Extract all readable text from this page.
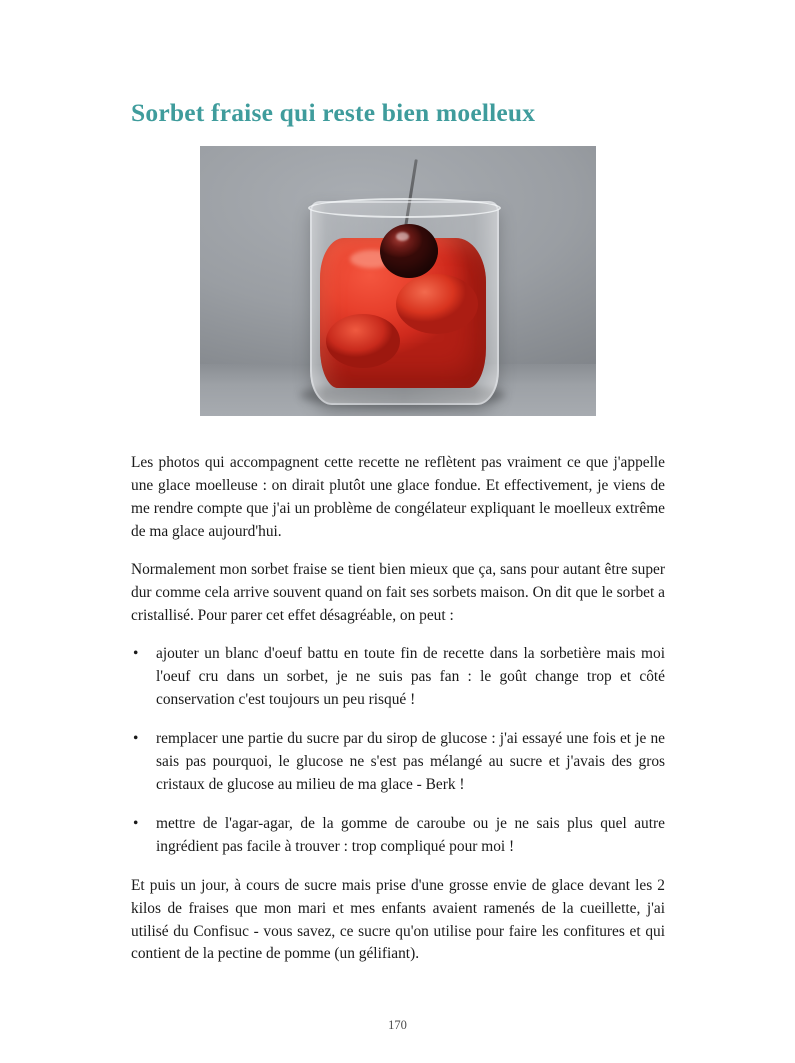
Sorbet fraise qui reste bien moelleux

Les photos qui accompagnent cette recette ne reflètent pas vraiment ce que j'appelle une glace moelleuse : on dirait plutôt une glace fondue. Et effectivement, je viens de me rendre compte que j'ai un problème de congélateur expliquant le moelleux extrême de ma glace aujourd'hui.

Normalement mon sorbet fraise se tient bien mieux que ça, sans pour autant être super dur comme cela arrive souvent quand on fait ses sorbets maison. On dit que le sorbet a cristallisé. Pour parer cet effet désagréable, on peut :

• ajouter un blanc d'oeuf battu en toute fin de recette dans la sorbetière mais moi l'oeuf cru dans un sorbet, je ne suis pas fan : le goût change trop et côté conservation c'est toujours un peu risqué !
• remplacer une partie du sucre par du sirop de glucose : j'ai essayé une fois et je ne sais pas pourquoi, le glucose ne s'est pas mélangé au sucre et j'avais des gros cristaux de glucose au milieu de ma glace - Berk !
• mettre de l'agar-agar, de la gomme de caroube ou je ne sais plus quel autre ingrédient pas facile à trouver : trop compliqué pour moi !

Et puis un jour, à cours de sucre mais prise d'une grosse envie de glace devant les 2 kilos de fraises que mon mari et mes enfants avaient ramenés de la cueillette, j'ai utilisé du Confisuc - vous savez, ce sucre qu'on utilise pour faire les confitures et qui contient de la pectine de pomme (un gélifiant).

170
